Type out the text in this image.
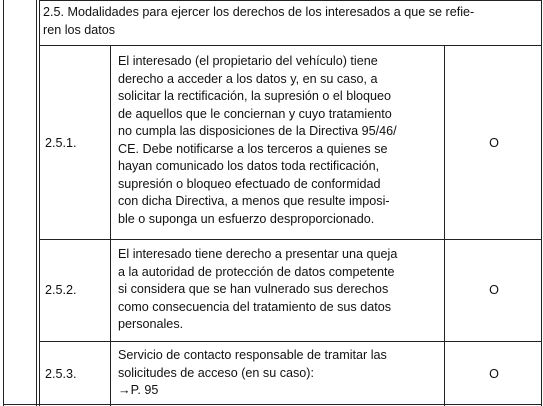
2.5. Modalidades para ejercer los derechos de los interesados a que se refie-
ren los datos
2.5.1.
El interesado (el propietario del vehículo) tiene
derecho a acceder a los datos y, en su caso, a
solicitar la rectificación, la supresión o el bloqueo
de aquellos que le conciernan y cuyo tratamiento
no cumpla las disposiciones de la Directiva 95/46/
CE. Debe notificarse a los terceros a quienes se
hayan comunicado los datos toda rectificación,
supresión o bloqueo efectuado de conformidad
con dicha Directiva, a menos que resulte imposi-
ble o suponga un esfuerzo desproporcionado.
O
2.5.2.
El interesado tiene derecho a presentar una queja
a la autoridad de protección de datos competente
si considera que se han vulnerado sus derechos
como consecuencia del tratamiento de sus datos
personales.
O
2.5.3.
Servicio de contacto responsable de tramitar las
solicitudes de acceso (en su caso):
→P. 95
O
